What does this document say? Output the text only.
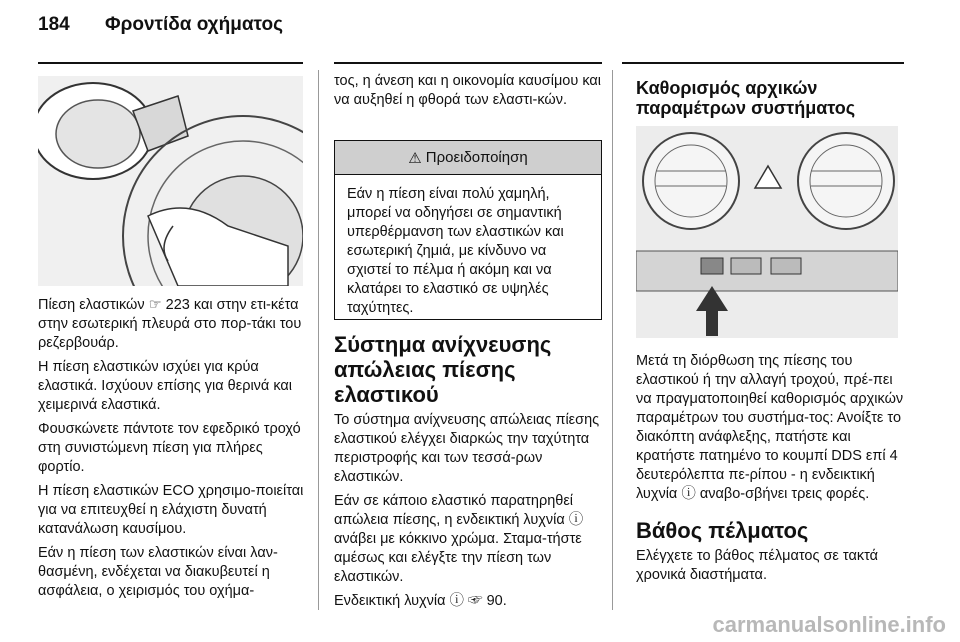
184 Φροντίδα οχήματος

Πίεση ελαστικών ☞ 223 και στην ετι-κέτα στην εσωτερική πλευρά στο πορ-τάκι του ρεζερβουάρ.

Η πίεση ελαστικών ισχύει για κρύα ελαστικά. Ισχύουν επίσης για θερινά και χειμερινά ελαστικά.

Φουσκώνετε πάντοτε τον εφεδρικό τροχό στη συνιστώμενη πίεση για πλήρες φορτίο.

Η πίεση ελαστικών ECO χρησιμο-ποιείται για να επιτευχθεί η ελάχιστη δυνατή κατανάλωση καυσίμου.

Εάν η πίεση των ελαστικών είναι λαν-θασμένη, ενδέχεται να διακυβευτεί η ασφάλεια, ο χειρισμός του οχήμα-

τος, η άνεση και η οικονομία καυσίμου και να αυξηθεί η φθορά των ελαστι-κών.

⚠ Προειδοποίηση
Εάν η πίεση είναι πολύ χαμηλή, μπορεί να οδηγήσει σε σημαντική υπερθέρμανση των ελαστικών και εσωτερική ζημιά, με κίνδυνο να σχιστεί το πέλμα ή ακόμη και να κλατάρει το ελαστικό σε υψηλές ταχύτητες.
Σύστημα ανίχνευσης απώλειας πίεσης ελαστικού

Το σύστημα ανίχνευσης απώλειας πίεσης ελαστικού ελέγχει διαρκώς την ταχύτητα περιστροφής και των τεσσά-ρων ελαστικών.

Εάν σε κάποιο ελαστικό παρατηρηθεί απώλεια πίεσης, η ενδεικτική λυχνία ⓘ ανάβει με κόκκινο χρώμα. Σταμα-τήστε αμέσως και ελέγξτε την πίεση των ελαστικών.

Ενδεικτική λυχνία ⓘ ☞ 90.

Καθορισμός αρχικών παραμέτρων συστήματος

Μετά τη διόρθωση της πίεσης του ελαστικού ή την αλλαγή τροχού, πρέ-πει να πραγματοποιηθεί καθορισμός αρχικών παραμέτρων του συστήμα-τος: Ανοίξτε το διακόπτη ανάφλεξης, πατήστε και κρατήστε πατημένο το κουμπί DDS επί 4 δευτερόλεπτα πε-ρίπου - η ενδεικτική λυχνία ⓘ αναβο-σβήνει τρεις φορές.

Βάθος πέλματος

Ελέγχετε το βάθος πέλματος σε τακτά χρονικά διαστήματα.

carmanualsonline.info
